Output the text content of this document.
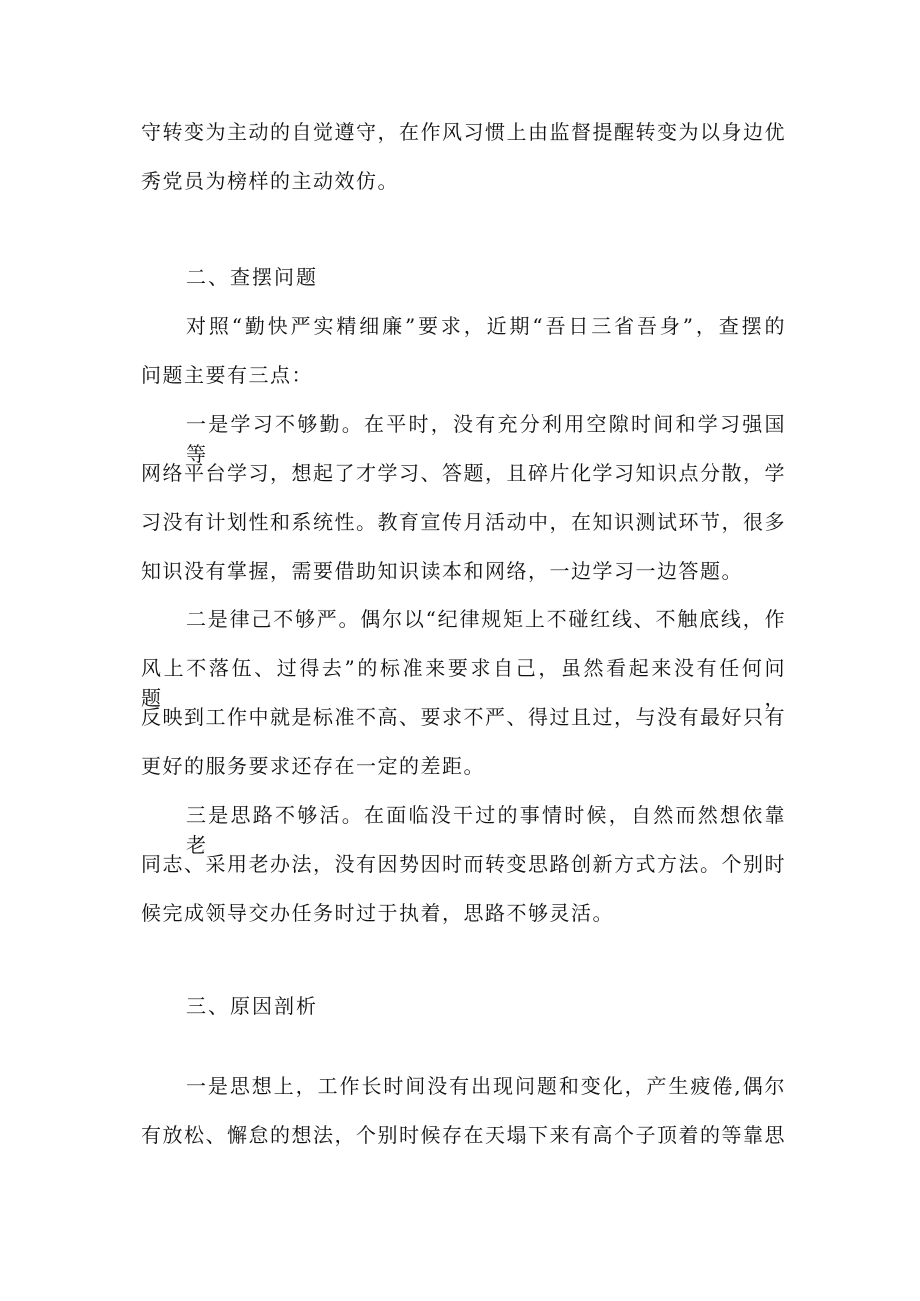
守转变为主动的自觉遵守，在作风习惯上由监督提醒转变为以身边优
秀党员为榜样的主动效仿。
二、查摆问题
对照“勤快严实精细廉”要求，近期“吾日三省吾身”，查摆的
问题主要有三点：
一是学习不够勤。在平时，没有充分利用空隙时间和学习强国等
网络平台学习，想起了才学习、答题，且碎片化学习知识点分散，学
习没有计划性和系统性。教育宣传月活动中，在知识测试环节，很多
知识没有掌握，需要借助知识读本和网络，一边学习一边答题。
二是律己不够严。偶尔以“纪律规矩上不碰红线、不触底线，作
风上不落伍、过得去”的标准来要求自己，虽然看起来没有任何问题，
反映到工作中就是标准不高、要求不严、得过且过，与没有最好只有
更好的服务要求还存在一定的差距。
三是思路不够活。在面临没干过的事情时候，自然而然想依靠老
同志、采用老办法，没有因势因时而转变思路创新方式方法。个别时
候完成领导交办任务时过于执着，思路不够灵活。
三、原因剖析
一是思想上，工作长时间没有出现问题和变化，产生疲倦,偶尔
有放松、懈怠的想法，个别时候存在天塌下来有高个子顶着的等靠思
